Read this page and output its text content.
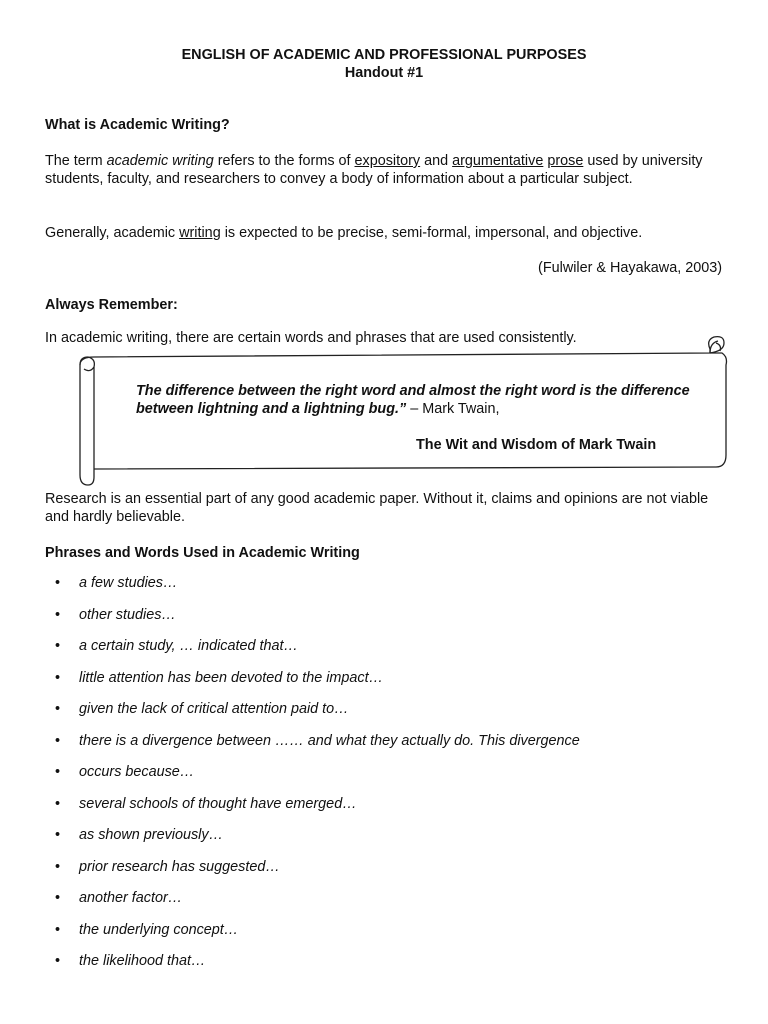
ENGLISH OF ACADEMIC AND PROFESSIONAL PURPOSES
Handout #1
What is Academic Writing?
The term academic writing refers to the forms of expository and argumentative prose used by university students, faculty, and researchers to convey a body of information about a particular subject.
Generally, academic writing is expected to be precise, semi-formal, impersonal, and objective.
(Fulwiler & Hayakawa, 2003)
Always Remember:
In academic writing, there are certain words and phrases that are used consistently.
The difference between the right word and almost the right word is the difference between lightning and a lightning bug.” – Mark Twain,
The Wit and Wisdom of Mark Twain
Research is an essential part of any good academic paper. Without it, claims and opinions are not viable and hardly believable.
Phrases and Words Used in Academic Writing
• a few studies…
• other studies…
• a certain study, … indicated that…
• little attention has been devoted to the impact…
• given the lack of critical attention paid to…
• there is a divergence between …… and what they actually do. This divergence
• occurs because…
• several schools of thought have emerged…
• as shown previously…
• prior research has suggested…
• another factor…
• the underlying concept…
• the likelihood that…
